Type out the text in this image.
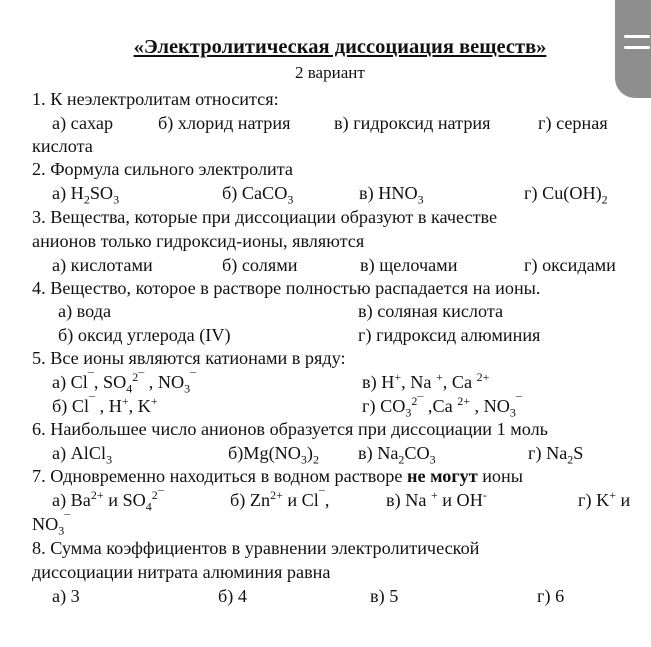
«Электролитическая диссоциация веществ»
2 вариант
1. К неэлектролитам относится:
а) сахар б) хлорид натрия в) гидроксид натрия	г) серная
кислота
2. Формула сильного электролита
а) $H_2SO_3$	б) CaCO$_3$	в) $HNO_3$	г) $Cu(OH)_2$
3. Вещества, которые при диссоциации образуют в качестве
анионов только гидроксид-ионы, являются
а) кислотами	б) солями	в) щелочами	г) оксидами
4. Вещество, которое в растворе полностью распадается на ионы.
а) вода	в) соляная кислота
б) оксид углерода (IV)	г) гидроксид алюминия
5. Все ионы являются катионами в ряду:
а) Cl¯, $SO_4^{2¯}$ , $NO_3^¯$	в) H+, Na +, Ca $^{2+}$
б) Cl¯ , H+, K+	г) $CO_3^{2¯}$ ,Ca $^{2+}$ , $NO_3^¯$
6. Наибольшее число анионов образуется при диссоциации 1 моль
а) AlCl$_3$	$б)Mg(NO_3)_2$ в) $Na_2CO_3$	г) $Na_2S$
7. Одновременно находиться в водном растворе не могут ионы
а) $Ba^{2+}$ и $SO_4^{2¯}$	б) $Zn^{2+}$ и Cl¯,	в) Na + и OH-	г) K+ и
$NO_3^¯$
8. Сумма коэффициентов в уравнении электролитической
диссоциации нитрата алюминия равна
а) 3	б) 4	в) 5	г) 6
